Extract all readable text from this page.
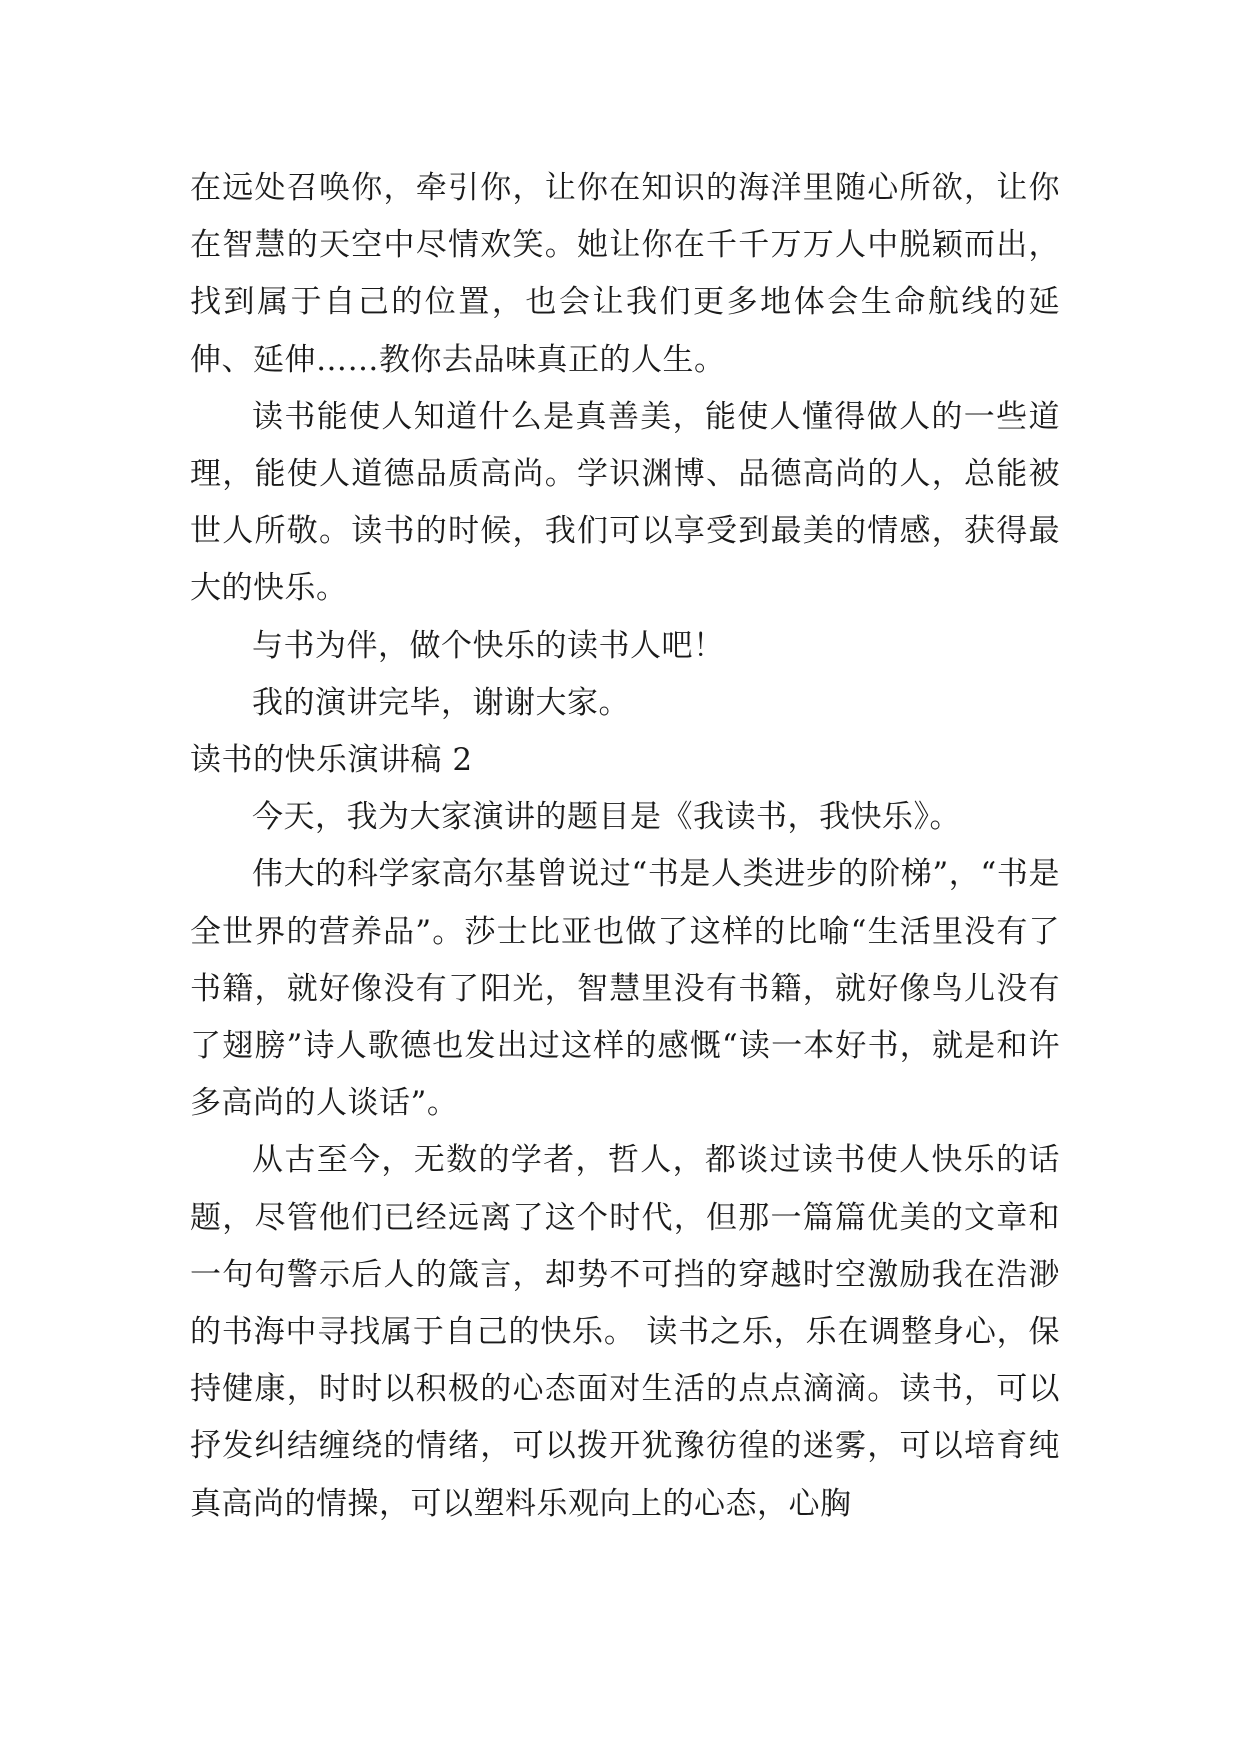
在远处召唤你，牵引你，让你在知识的海洋里随心所欲，让你在智慧的天空中尽情欢笑。她让你在千千万万人中脱颖而出，找到属于自己的位置，也会让我们更多地体会生命航线的延伸、延伸……教你去品味真正的人生。

读书能使人知道什么是真善美，能使人懂得做人的一些道理，能使人道德品质高尚。学识渊博、品德高尚的人，总能被世人所敬。读书的时候，我们可以享受到最美的情感，获得最大的快乐。

与书为伴，做个快乐的读书人吧！

我的演讲完毕，谢谢大家。

读书的快乐演讲稿 2

今天，我为大家演讲的题目是《我读书，我快乐》。

伟大的科学家高尔基曾说过“书是人类进步的阶梯”，“书是全世界的营养品”。莎士比亚也做了这样的比喻“生活里没有了书籍，就好像没有了阳光，智慧里没有书籍，就好像鸟儿没有了翅膀”诗人歌德也发出过这样的感慨“读一本好书，就是和许多高尚的人谈话”。

从古至今，无数的学者，哲人，都谈过读书使人快乐的话题，尽管他们已经远离了这个时代，但那一篇篇优美的文章和一句句警示后人的箴言，却势不可挡的穿越时空激励我在浩渺的书海中寻找属于自己的快乐。 读书之乐，乐在调整身心，保持健康，时时以积极的心态面对生活的点点滴滴。读书，可以抒发纠结缠绕的情绪，可以拨开犹豫彷徨的迷雾，可以培育纯真高尚的情操，可以塑料乐观向上的心态，心胸
